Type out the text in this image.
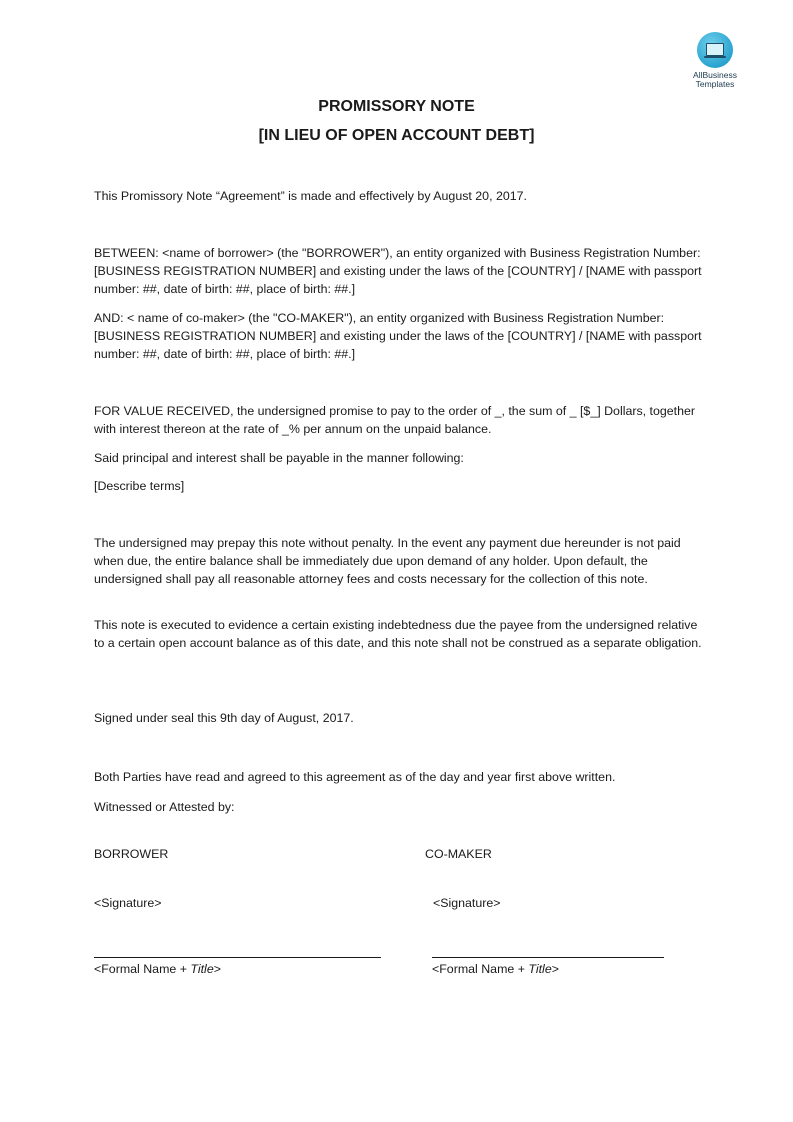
AllBusiness
Templates
PROMISSORY NOTE
[IN LIEU OF OPEN ACCOUNT DEBT]

This Promissory Note “Agreement” is made and effectively by August 20, 2017.

BETWEEN: <name of borrower> (the "BORROWER"), an entity organized with Business Registration Number: [BUSINESS REGISTRATION NUMBER] and existing under the laws of the [COUNTRY] / [NAME with passport number: ##, date of birth: ##, place of birth: ##.]

AND: < name of co-maker> (the "CO-MAKER"), an entity organized with Business Registration Number: [BUSINESS REGISTRATION NUMBER] and existing under the laws of the [COUNTRY] / [NAME with passport number: ##, date of birth: ##, place of birth: ##.]

FOR VALUE RECEIVED, the undersigned promise to pay to the order of _, the sum of _ [$_] Dollars, together with interest thereon at the rate of _% per annum on the unpaid balance.

Said principal and interest shall be payable in the manner following:

[Describe terms]

The undersigned may prepay this note without penalty. In the event any payment due hereunder is not paid when due, the entire balance shall be immediately due upon demand of any holder. Upon default, the undersigned shall pay all reasonable attorney fees and costs necessary for the collection of this note.

This note is executed to evidence a certain existing indebtedness due the payee from the undersigned relative to a certain open account balance as of this date, and this note shall not be construed as a separate obligation.

Signed under seal this 9th day of August, 2017.

Both Parties have read and agreed to this agreement as of the day and year first above written.

Witnessed or Attested by:

BORROWER	CO-MAKER
<Signature>	<Signature>
<Formal Name + Title>	<Formal Name + Title>
